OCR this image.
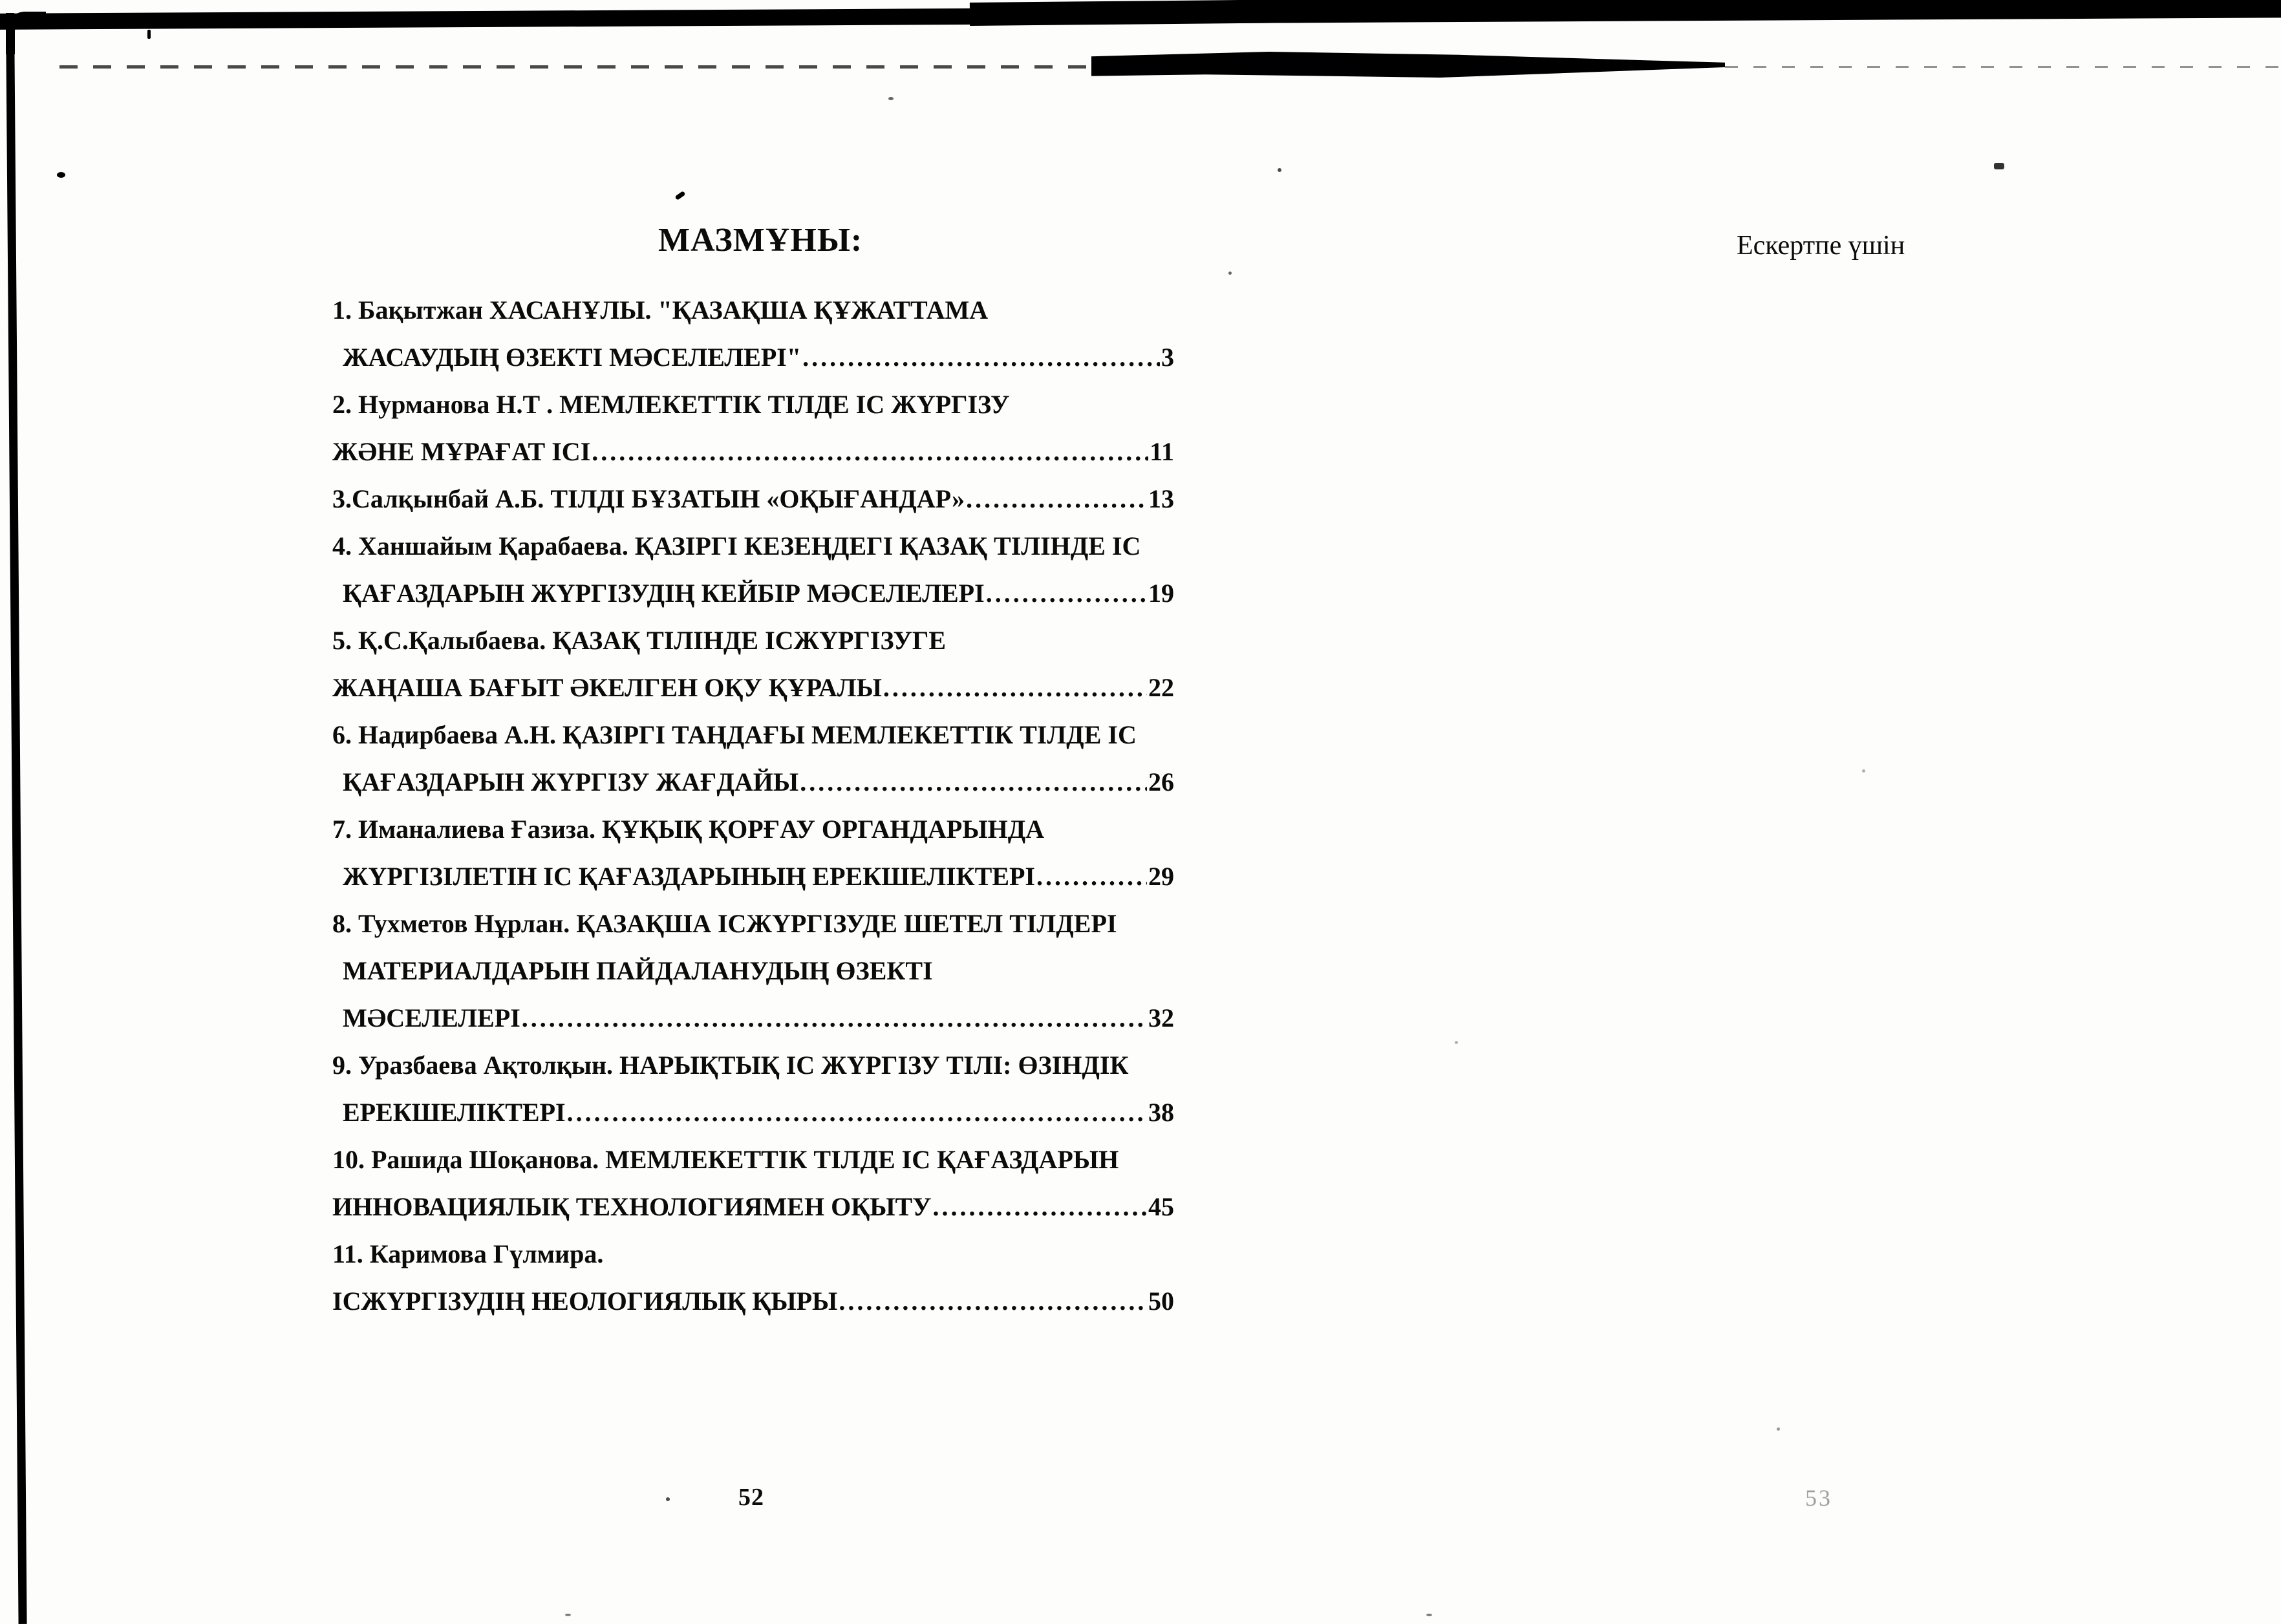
МАЗМҰНЫ:
1. Бақытжан ХАСАНҰЛЫ. "ҚАЗАҚША ҚҰЖАТТАМА
ЖАСАУДЫҢ ӨЗЕКТІ МӘСЕЛЕЛЕРІ" .....	3
2. Нурманова Н.Т . МЕМЛЕКЕТТІК ТІЛДЕ ІС ЖҮРГІЗУ
ЖӘНЕ МҰРАҒАТ ІСІ .....	11
3.Салқынбай А.Б. ТІЛДІ БҰЗАТЫН «ОҚЫҒАНДАР» .....	13
4. Ханшайым Қарабаева. ҚАЗІРГІ КЕЗЕҢДЕГІ ҚАЗАҚ ТІЛІНДЕ ІС
ҚАҒАЗДАРЫН ЖҮРГІЗУДІҢ КЕЙБІР МӘСЕЛЕЛЕРІ .....	19
5. Қ.С.Қалыбаева. ҚАЗАҚ ТІЛІНДЕ ІСЖҮРГІЗУГЕ
ЖАҢАША БАҒЫТ ӘКЕЛГЕН ОҚУ ҚҰРАЛЫ .....	22
6. Надирбаева А.Н. ҚАЗІРГІ ТАҢДАҒЫ МЕМЛЕКЕТТІК ТІЛДЕ ІС
ҚАҒАЗДАРЫН ЖҮРГІЗУ ЖАҒДАЙЫ .....	26
7. Иманалиева Ғазиза. ҚҰҚЫҚ ҚОРҒАУ ОРГАНДАРЫНДА
ЖҮРГІЗІЛЕТІН ІС ҚАҒАЗДАРЫНЫҢ ЕРЕКШЕЛІКТЕРІ .....	29
8. Тухметов Нұрлан. ҚАЗАҚША ІСЖҮРГІЗУДЕ ШЕТЕЛ ТІЛДЕРІ
МАТЕРИАЛДАРЫН ПАЙДАЛАНУДЫҢ ӨЗЕКТІ
МӘСЕЛЕЛЕРІ .....	32
9. Уразбаева Ақтолқын. НАРЫҚТЫҚ ІС ЖҮРГІЗУ ТІЛІ: ӨЗІНДІК
ЕРЕКШЕЛІКТЕРІ .....	38
10. Рашида Шоқанова. МЕМЛЕКЕТТІК ТІЛДЕ ІС ҚАҒАЗДАРЫН
ИННОВАЦИЯЛЫҚ ТЕХНОЛОГИЯМЕН ОҚЫТУ .....	45
11. Каримова Гүлмира.
ІСЖҮРГІЗУДІҢ НЕОЛОГИЯЛЫҚ ҚЫРЫ .....	50
52
Ескертпе үшін
53
